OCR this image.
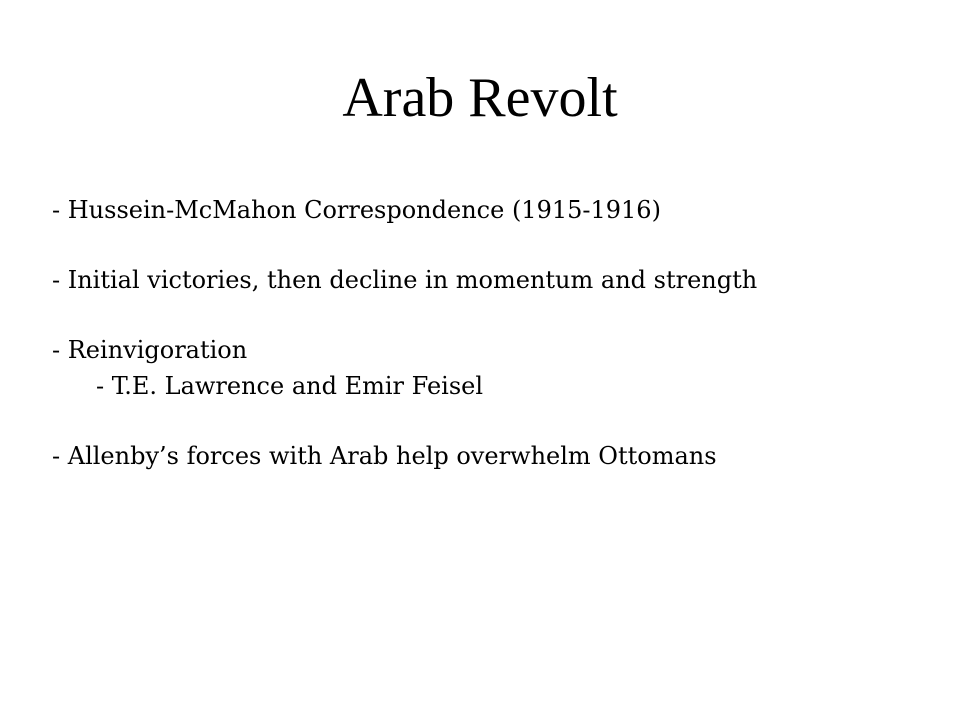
Arab Revolt
- Hussein-McMahon Correspondence (1915-1916)
- Initial victories, then decline in momentum and strength
- Reinvigoration
- T.E. Lawrence and Emir Feisel
- Allenby’s forces with Arab help overwhelm Ottomans
